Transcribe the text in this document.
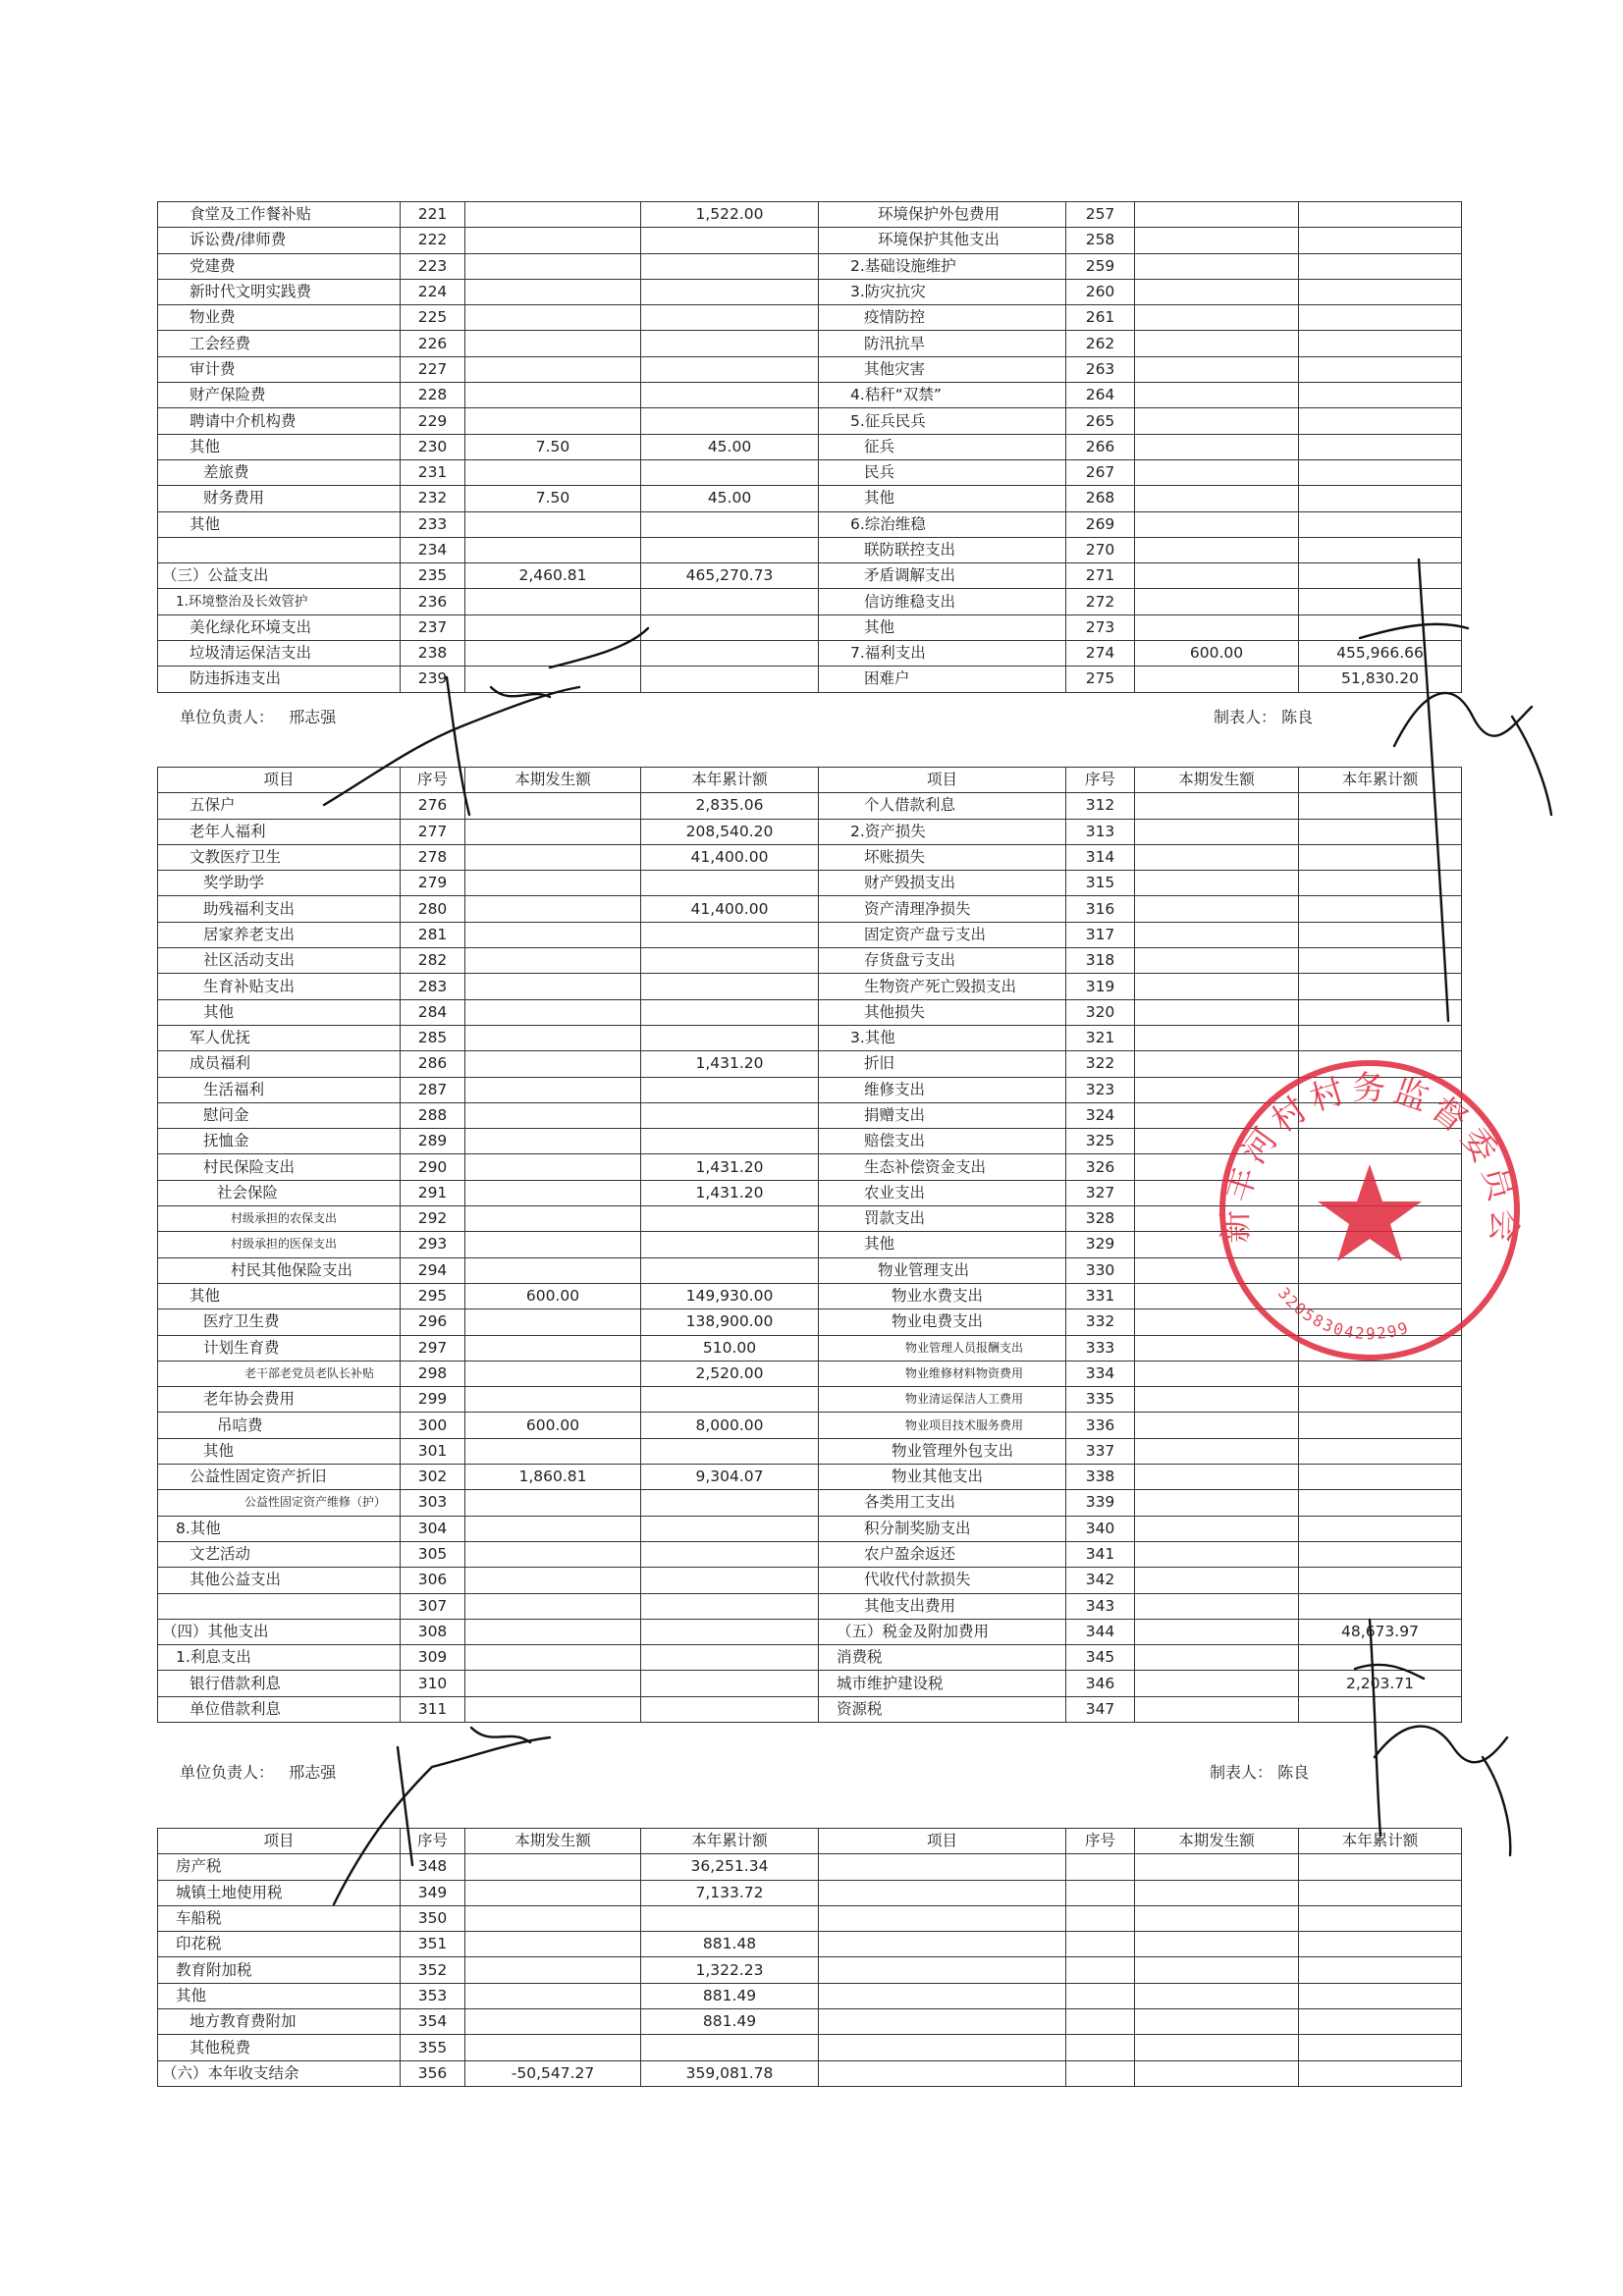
食堂及工作餐补贴	221		1,522.00	环境保护外包费用	257		
诉讼费/律师费	222			环境保护其他支出	258		
党建费	223			2.基础设施维护	259		
新时代文明实践费	224			3.防灾抗灾	260		
物业费	225			疫情防控	261		
工会经费	226			防汛抗旱	262		
审计费	227			其他灾害	263		
财产保险费	228			4.秸秆“双禁”	264		
聘请中介机构费	229			5.征兵民兵	265		
其他	230	7.50	45.00	征兵	266		
差旅费	231			民兵	267		
财务费用	232	7.50	45.00	其他	268		
其他	233			6.综治维稳	269		
	234			联防联控支出	270		
（三）公益支出	235	2,460.81	465,270.73	矛盾调解支出	271		
1.环境整治及长效管护	236			信访维稳支出	272		
美化绿化环境支出	237			其他	273		
垃圾清运保洁支出	238			7.福利支出	274	600.00	455,966.66
防违拆违支出	239			困难户	275		51,830.20
单位负责人： 邢志强	制表人： 陈良
项目	序号	本期发生额	本年累计额	项目	序号	本期发生额	本年累计额
五保户	276		2,835.06	个人借款利息	312		
老年人福利	277		208,540.20	2.资产损失	313		
文教医疗卫生	278		41,400.00	坏账损失	314		
奖学助学	279			财产毁损支出	315		
助残福利支出	280		41,400.00	资产清理净损失	316		
居家养老支出	281			固定资产盘亏支出	317		
社区活动支出	282			存货盘亏支出	318		
生育补贴支出	283			生物资产死亡毁损支出	319		
其他	284			其他损失	320		
军人优抚	285			3.其他	321		
成员福利	286		1,431.20	折旧	322		
生活福利	287			维修支出	323		
慰问金	288			捐赠支出	324		
抚恤金	289			赔偿支出	325		
村民保险支出	290		1,431.20	生态补偿资金支出	326		
社会保险	291		1,431.20	农业支出	327		
村级承担的农保支出	292			罚款支出	328		
村级承担的医保支出	293			其他	329		
村民其他保险支出	294			物业管理支出	330		
其他	295	600.00	149,930.00	物业水费支出	331		
医疗卫生费	296		138,900.00	物业电费支出	332		
计划生育费	297		510.00	物业管理人员报酬支出	333		
老干部老党员老队长补贴	298		2,520.00	物业维修材料物资费用	334		
老年协会费用	299			物业清运保洁人工费用	335		
吊唁费	300	600.00	8,000.00	物业项目技术服务费用	336		
其他	301			物业管理外包支出	337		
公益性固定资产折旧	302	1,860.81	9,304.07	物业其他支出	338		
公益性固定资产维修（护）	303			各类用工支出	339		
8.其他	304			积分制奖励支出	340		
文艺活动	305			农户盈余返还	341		
其他公益支出	306			代收代付款损失	342		
	307			其他支出费用	343		
（四）其他支出	308			（五）税金及附加费用	344		48,673.97
1.利息支出	309			消费税	345		
银行借款利息	310			城市维护建设税	346		2,203.71
单位借款利息	311			资源税	347		
单位负责人： 邢志强	制表人： 陈良
项目	序号	本期发生额	本年累计额	项目	序号	本期发生额	本年累计额
房产税	348		36,251.34				
城镇土地使用税	349		7,133.72				
车船税	350						
印花税	351		881.48				
教育附加税	352		1,322.23				
其他	353		881.49				
地方教育费附加	354		881.49				
其他税费	355						
（六）本年收支结余	356	-50,547.27	359,081.78				
新丰河村村务监督委员会
3205830429299
